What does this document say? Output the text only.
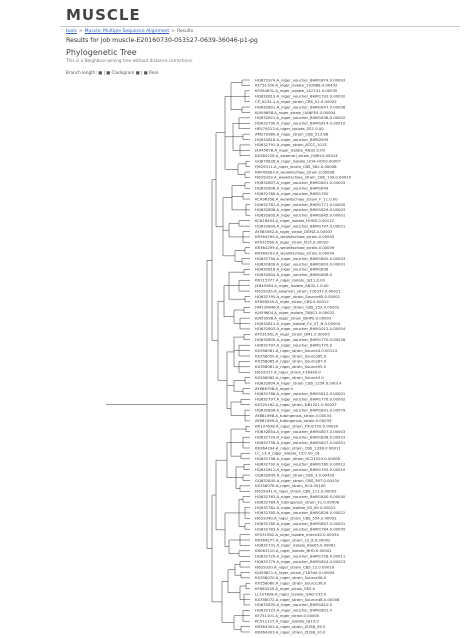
MUSCLE
tools > Muscle: Multiple Sequence Alignment > Results
Results for job muscle-E20160730-053527-0639-36046-p1-pg
Phylogenetic Tree
This is a Neighbour-joining tree without distance corrections.
Branch length: ■ | ■ Cladogram ■ | ■ Real
HQ672974.A_niger_voucher_BHM1874.0.00003
KF751100.A_niger_isolate_132888.0.00432
KF054631.A_niger_isolate_152741.0.00030
HQ632813.A_niger_voucher_BHM1792.0.00032
CP_A234.1.A_niger_strain_CBS_51.0.00002
HQ632801.A_niger_voucher_BHM1847.0.00008
KJ459658.A_niger_strain_UANFE4.0.00004
HQ632821.A_niger_voucher_BHM1838.0.00002
HQ632790.A_niger_voucher_BHM1814.0.00010
HE579213.A_niger_isolate_ZS1.0.00
AM270980.A_niger_strain_CBS_513.88
HQ632818.A_niger_voucher_BHM2639
HQ632791.A_niger_strain_ATCC_1015
JX045678.A_niger_isolate_AN32.0.00
KX364228.A_awamori_strain_IQBH.0.00014
GQ870826.A_niger_isolate_UOA-HCP.0.00007
FJ629311.A_niger_strain_CBS_562.0.00008
KR045893.A_welwitschiae_strain.0.00006
FJ629329.A_welwitschiae_strain_CBS_139.0.00015
HQ632807.A_niger_voucher_BHM1801.0.00003
HQ632806.A_niger_voucher_BHM1849
HQ632789.A_niger_voucher_BHM1790
KC496356.A_welwitschiae_strain_F_11.0.00
HQ632787.A_niger_voucher_BHM1771.0.00005
HQ632808.A_niger_voucher_BHM1829.0.00003
HQ632805.A_niger_voucher_BHM1845.0.00001
KC816454.A_niger_isolate_HORS.0.00122
HQ632809.A_niger_voucher_BHM1797.0.00021
AY585562.A_niger_strain_DSMZ.0.00003
KR364294.A_welwitschiae_strain.0.00005
KF031560.A_niger_strain_B15.0.00020
KR364299.A_welwitschiae_strain.0.00009
KR364293.A_welwitschiae_strain.0.00004
HQ632794.A_niger_voucher_BHM1800.0.00003
HQ632809.A_niger_voucher_BHM1803.0.00001
HQ632818.A_niger_voucher_BHM1838
HQ632804.A_niger_voucher_BHM1808.0
KR115377.A_niger_isolate_GJ11.0.00
JX845584.A_niger_isolate_AN32.1.0.00
FJ629335.A_awamori_strain_F16337.0.00021
HQ632795.A_niger_strain_Source65.0.00001
KF856545.A_niger_strain_CBS.0.00012
HM130646.A_niger_strain_CBS_253.0.00002
KJ459604.A_niger_isolate_TWJG1.0.00032
KJ459598.A_niger_strain_BHIPS.0.00003
HQ632811.A_niger_isolate_F4_VT_N.0.00004
HQ632803.A_niger_voucher_BHM1012.0.00004
KF031561.A_niger_strain_DM1.0.00005
HQ632805.A_niger_voucher_BHM1770.0.00026
HQ632797.A_niger_voucher_BHM1770.0
KX358061.A_niger_strain_Source4.0.00124
KX358050.A_niger_strain_Source65.0
KX358065.A_niger_strain_Source67.0
KX358061.A_niger_strain_Source55.0
FJ629317.A_niger_strain_F16440.0
KX358062.A_niger_strain_Source3.0
HQ632804.A_niger_strain_CBS_1254.0.00014
AY686798.A_niger.0
HQ632786.A_niger_voucher_BHM1812.0.00001
HQ632797.A_niger_voucher_BHM1776.0.00002
KX325162.A_niger_strain_DB1201.0.00027
HQ632806.A_niger_voucher_BHM1831.0.00079
AY881998.A_tubingensis_strain.0.00034
AY881999.A_tubingensis_strain.0.00039
KR137638.A_niger_strain_F502720.0.00020
HQ632854.A_niger_voucher_BHM1807.0.00003
HQ632729.A_niger_voucher_BHM1838.0.00023
HQ632756.A_niger_voucher_BHM1827.0.00001
KR364294.A_niger_strain_CBS_1338.0.00011
LC_13.A_niger_isolate_15.0.00_16
HQ632796.A_niger_strain_HC21020.0.00006
HQ632793.A_niger_voucher_BHM1780.0.00012
HQ632812.A_niger_voucher_BHM1793.0.00010
GQ852845.A_niger_strain_CBS_3.0.00420
GQ852845.A_niger_strain_CBS_367.0.00434
KX358078.A_niger_strain_HI.0.00100
FJ629341.A_niger_strain_CBS_111.0.00003
HQ632763.A_niger_voucher_BHM1840.0.00040
HQ632789.A_tubingensis_strain_F1.0.00008
HQ632781.A_niger_isolate_SS_09.0.00012
HQ632785.A_niger_voucher_BHM1826.0.00022
FJ629340.A_niger_strain_CBS_554.0.00002
HQ632780.A_niger_voucher_BHM1807.0.00001
HQ632783.A_niger_voucher_BHM1784.0.00005
KF031562.A_niger_isolate_mmm40.0.00034
KR364277.A_niger_strain_LS_8.0.00002
HQ632731.A_niger_isolate_Blw05.0.00061
KR063110.A_niger_isolate_BHO.0.00002
HQ632729.A_niger_voucher_BHM1728.0.00011
HQ632779.A_niger_voucher_BHM1824.0.00023
FJ629320.A_niger_strain_CBS_12.0.00010
KJ459621.A_niger_strain_F18340.0.00009
KX358070.A_niger_strain_Source56.0
KX358060.A_niger_strain_Source36.0
KF664245.A_niger_strain_SE0.0
LL107828.A_niger_isolate_QAD-235.0
KX358072.A_niger_strain_Source48.0.00008
HQ632835.A_niger_voucher_BHM1810.0
HQ632723.A_niger_voucher_BHM1801.0
KF751101.A_niger_strain.0.00000
KC511127.A_niger_isolate_GJ10.0
KR364302.A_niger_strain_ZUSB_09.0
KR364303.A_niger_strain_ZUSB_10.0
